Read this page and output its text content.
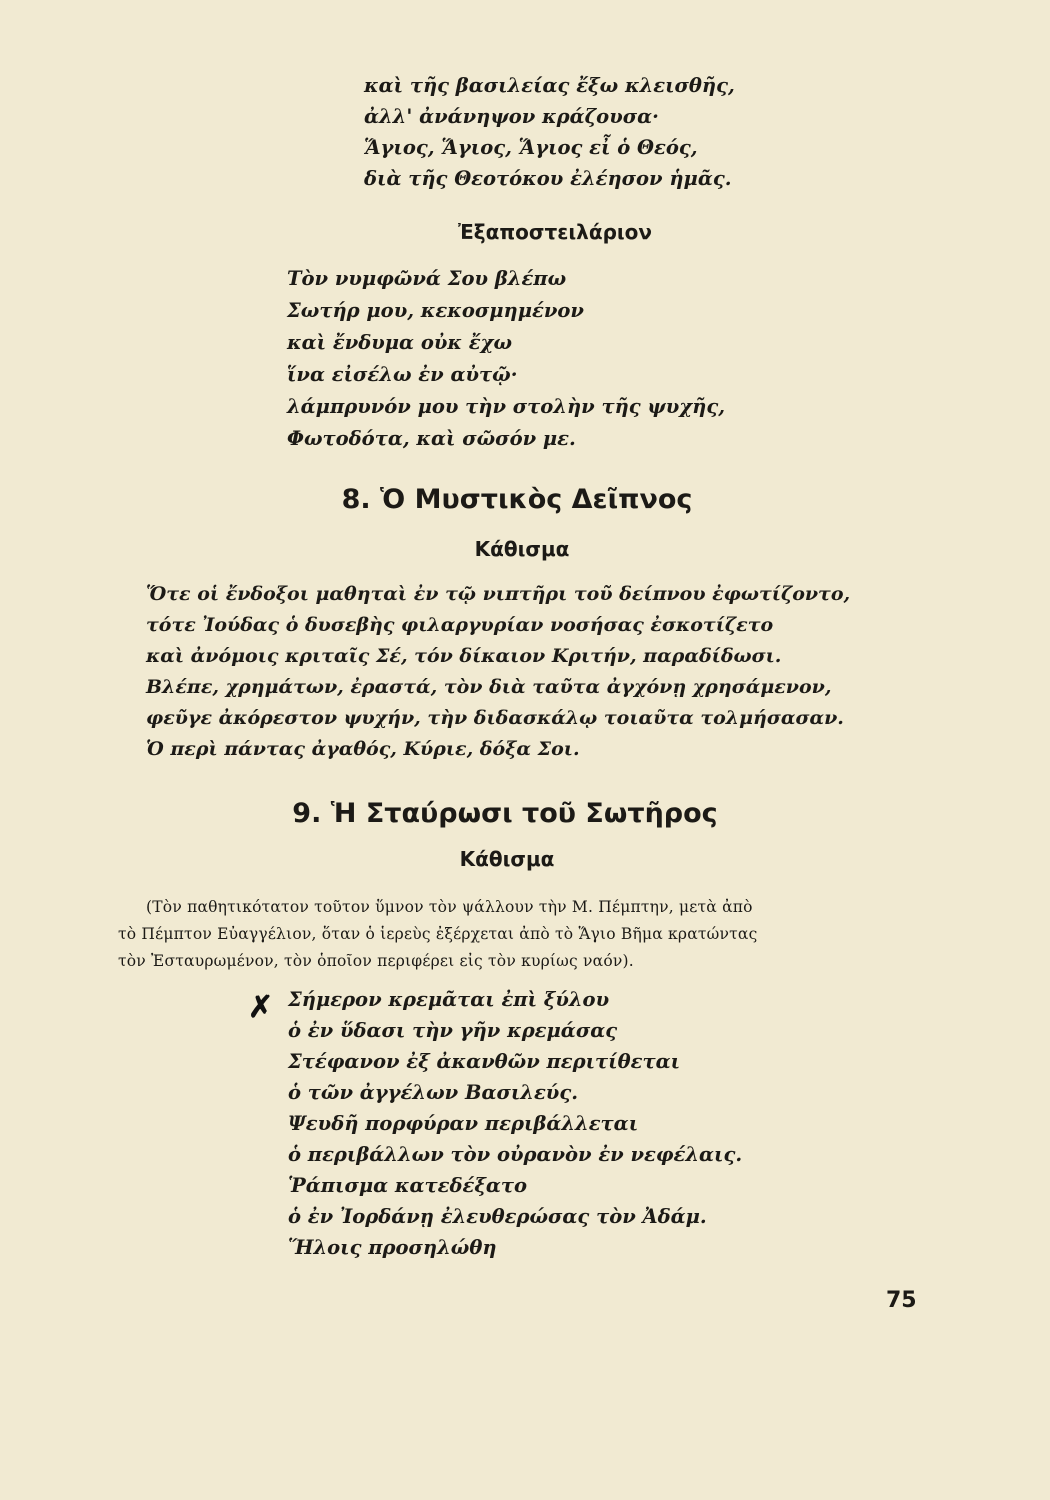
καὶ τῆς βασιλείας ἔξω κλεισθῆς,
ἀλλ' ἀνάνηψον κράζουσα·
Ἅγιος, Ἅγιος, Ἅγιος εἶ ὁ Θεός,
διὰ τῆς Θεοτόκου ἐλέησον ἡμᾶς.
Ἐξαποστειλάριον
Τὸν νυμφῶνά Σου βλέπω
Σωτήρ μου, κεκοσμημένον
καὶ ἔνδυμα οὐκ ἔχω
ἵνα εἰσέλω ἐν αὐτῷ·
λάμπρυνόν μου τὴν στολὴν τῆς ψυχῆς,
Φωτοδότα, καὶ σῶσόν με.
8. Ὁ Μυστικὸς Δεῖπνος
Κάθισμα
Ὅτε οἱ ἔνδοξοι μαθηταὶ ἐν τῷ νιπτῆρι τοῦ δείπνου ἐφωτίζοντο,
τότε Ἰούδας ὁ δυσεβὴς φιλαργυρίαν νοσήσας ἐσκοτίζετο
καὶ ἀνόμοις κριταῖς Σέ, τόν δίκαιον Κριτήν, παραδίδωσι.
Βλέπε, χρημάτων, ἐραστά, τὸν διὰ ταῦτα ἀγχόνῃ χρησάμενον,
φεῦγε ἀκόρεστον ψυχήν, τὴν διδασκάλῳ τοιαῦτα τολμήσασαν.
Ὁ περὶ πάντας ἀγαθός, Κύριε, δόξα Σοι.
9. Ἡ Σταύρωσι τοῦ Σωτῆρος
Κάθισμα
(Τὸν παθητικότατον τοῦτον ὕμνον τὸν ψάλλουν τὴν Μ. Πέμπτην, μετὰ ἀπὸ
τὸ Πέμπτον Εὐαγγέλιον, ὅταν ὁ ἱερεὺς ἐξέρχεται ἀπὸ τὸ Ἅγιο Βῆμα κρατώντας
τὸν Ἐσταυρωμένον, τὸν ὁποῖον περιφέρει εἰς τὸν κυρίως ναόν).
✗ Σήμερον κρεμᾶται ἐπὶ ξύλου
ὁ ἐν ὕδασι τὴν γῆν κρεμάσας
Στέφανον ἐξ ἀκανθῶν περιτίθεται
ὁ τῶν ἀγγέλων Βασιλεύς.
Ψευδῆ πορφύραν περιβάλλεται
ὁ περιβάλλων τὸν οὐρανὸν ἐν νεφέλαις.
Ῥάπισμα κατεδέξατο
ὁ ἐν Ἰορδάνῃ ἐλευθερώσας τὸν Ἀδάμ.
Ἥλοις προσηλώθη
75
